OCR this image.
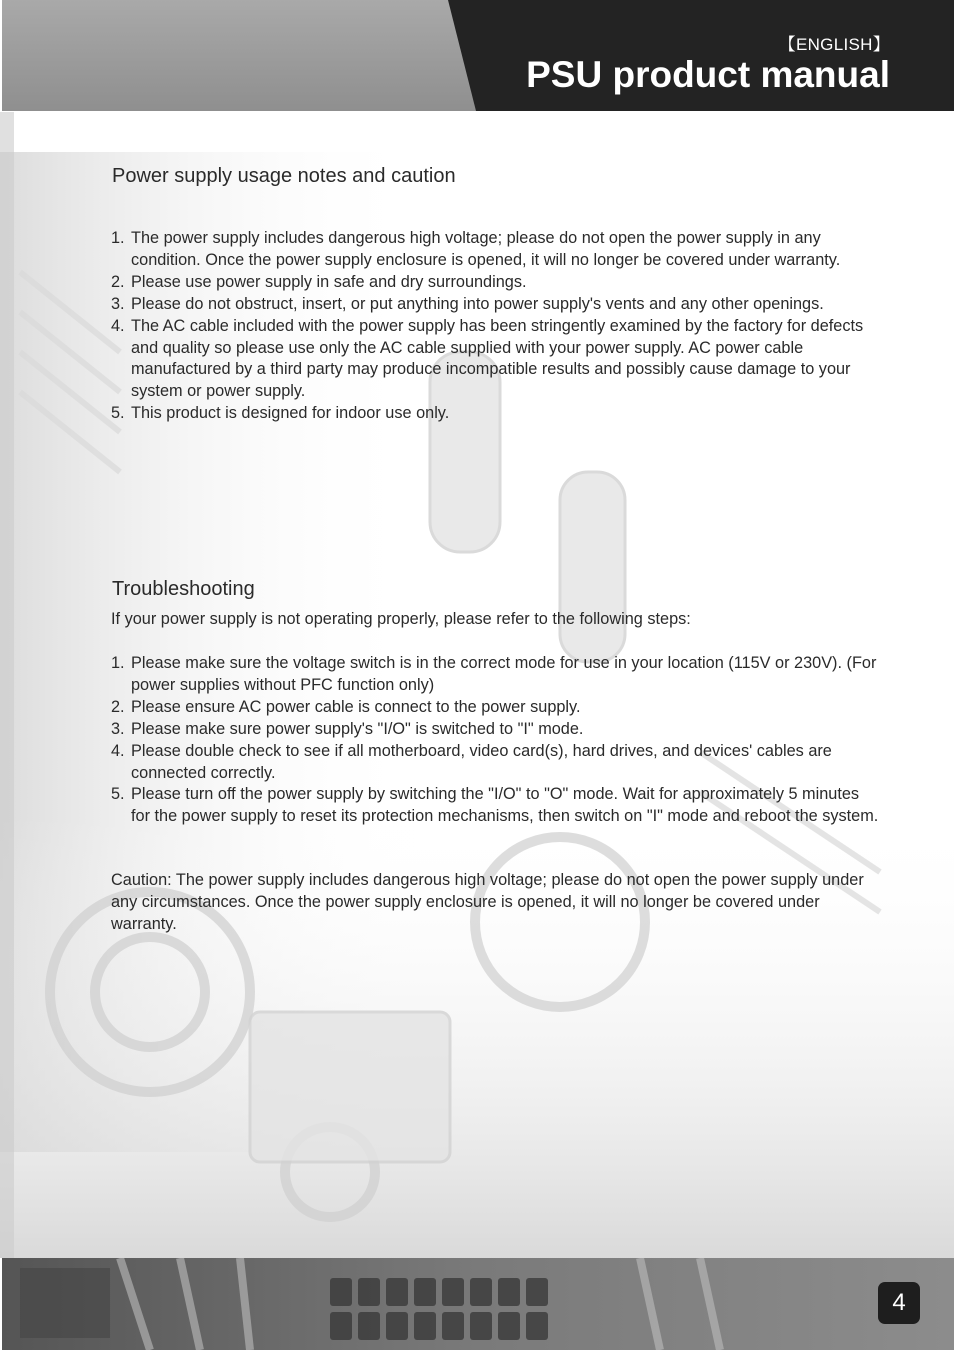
【ENGLISH】
PSU product manual
Power supply usage notes and caution
1. The power supply includes dangerous high voltage; please do not open the power supply in any condition. Once the power supply enclosure is opened, it will no longer be covered under warranty.
2. Please use power supply in safe and dry surroundings.
3. Please do not obstruct, insert, or put anything into power supply's vents and any other openings.
4. The AC cable included with the power supply has been stringently examined by the factory for defects and quality so please use only the AC cable supplied with your power supply. AC power cable manufactured by a third party may produce incompatible results and possibly cause damage to your system or power supply.
5. This product is designed for indoor use only.
Troubleshooting
If your power supply is not operating properly, please refer to the following steps:
1. Please make sure the voltage switch is in the correct mode for use in your location (115V or 230V). (For power supplies without PFC function only)
2. Please ensure AC power cable is connect to the power supply.
3. Please make sure power supply's "I/O" is switched to "I" mode.
4. Please double check to see if all motherboard, video card(s), hard drives, and devices' cables are connected correctly.
5. Please turn off the power supply by switching the "I/O" to "O" mode. Wait for approximately 5 minutes for the power supply to reset its protection mechanisms, then switch on "I" mode and reboot the system.
Caution: The power supply includes dangerous high voltage; please do not open the power supply under any circumstances. Once the power supply enclosure is opened, it will no longer be covered under warranty.
4
